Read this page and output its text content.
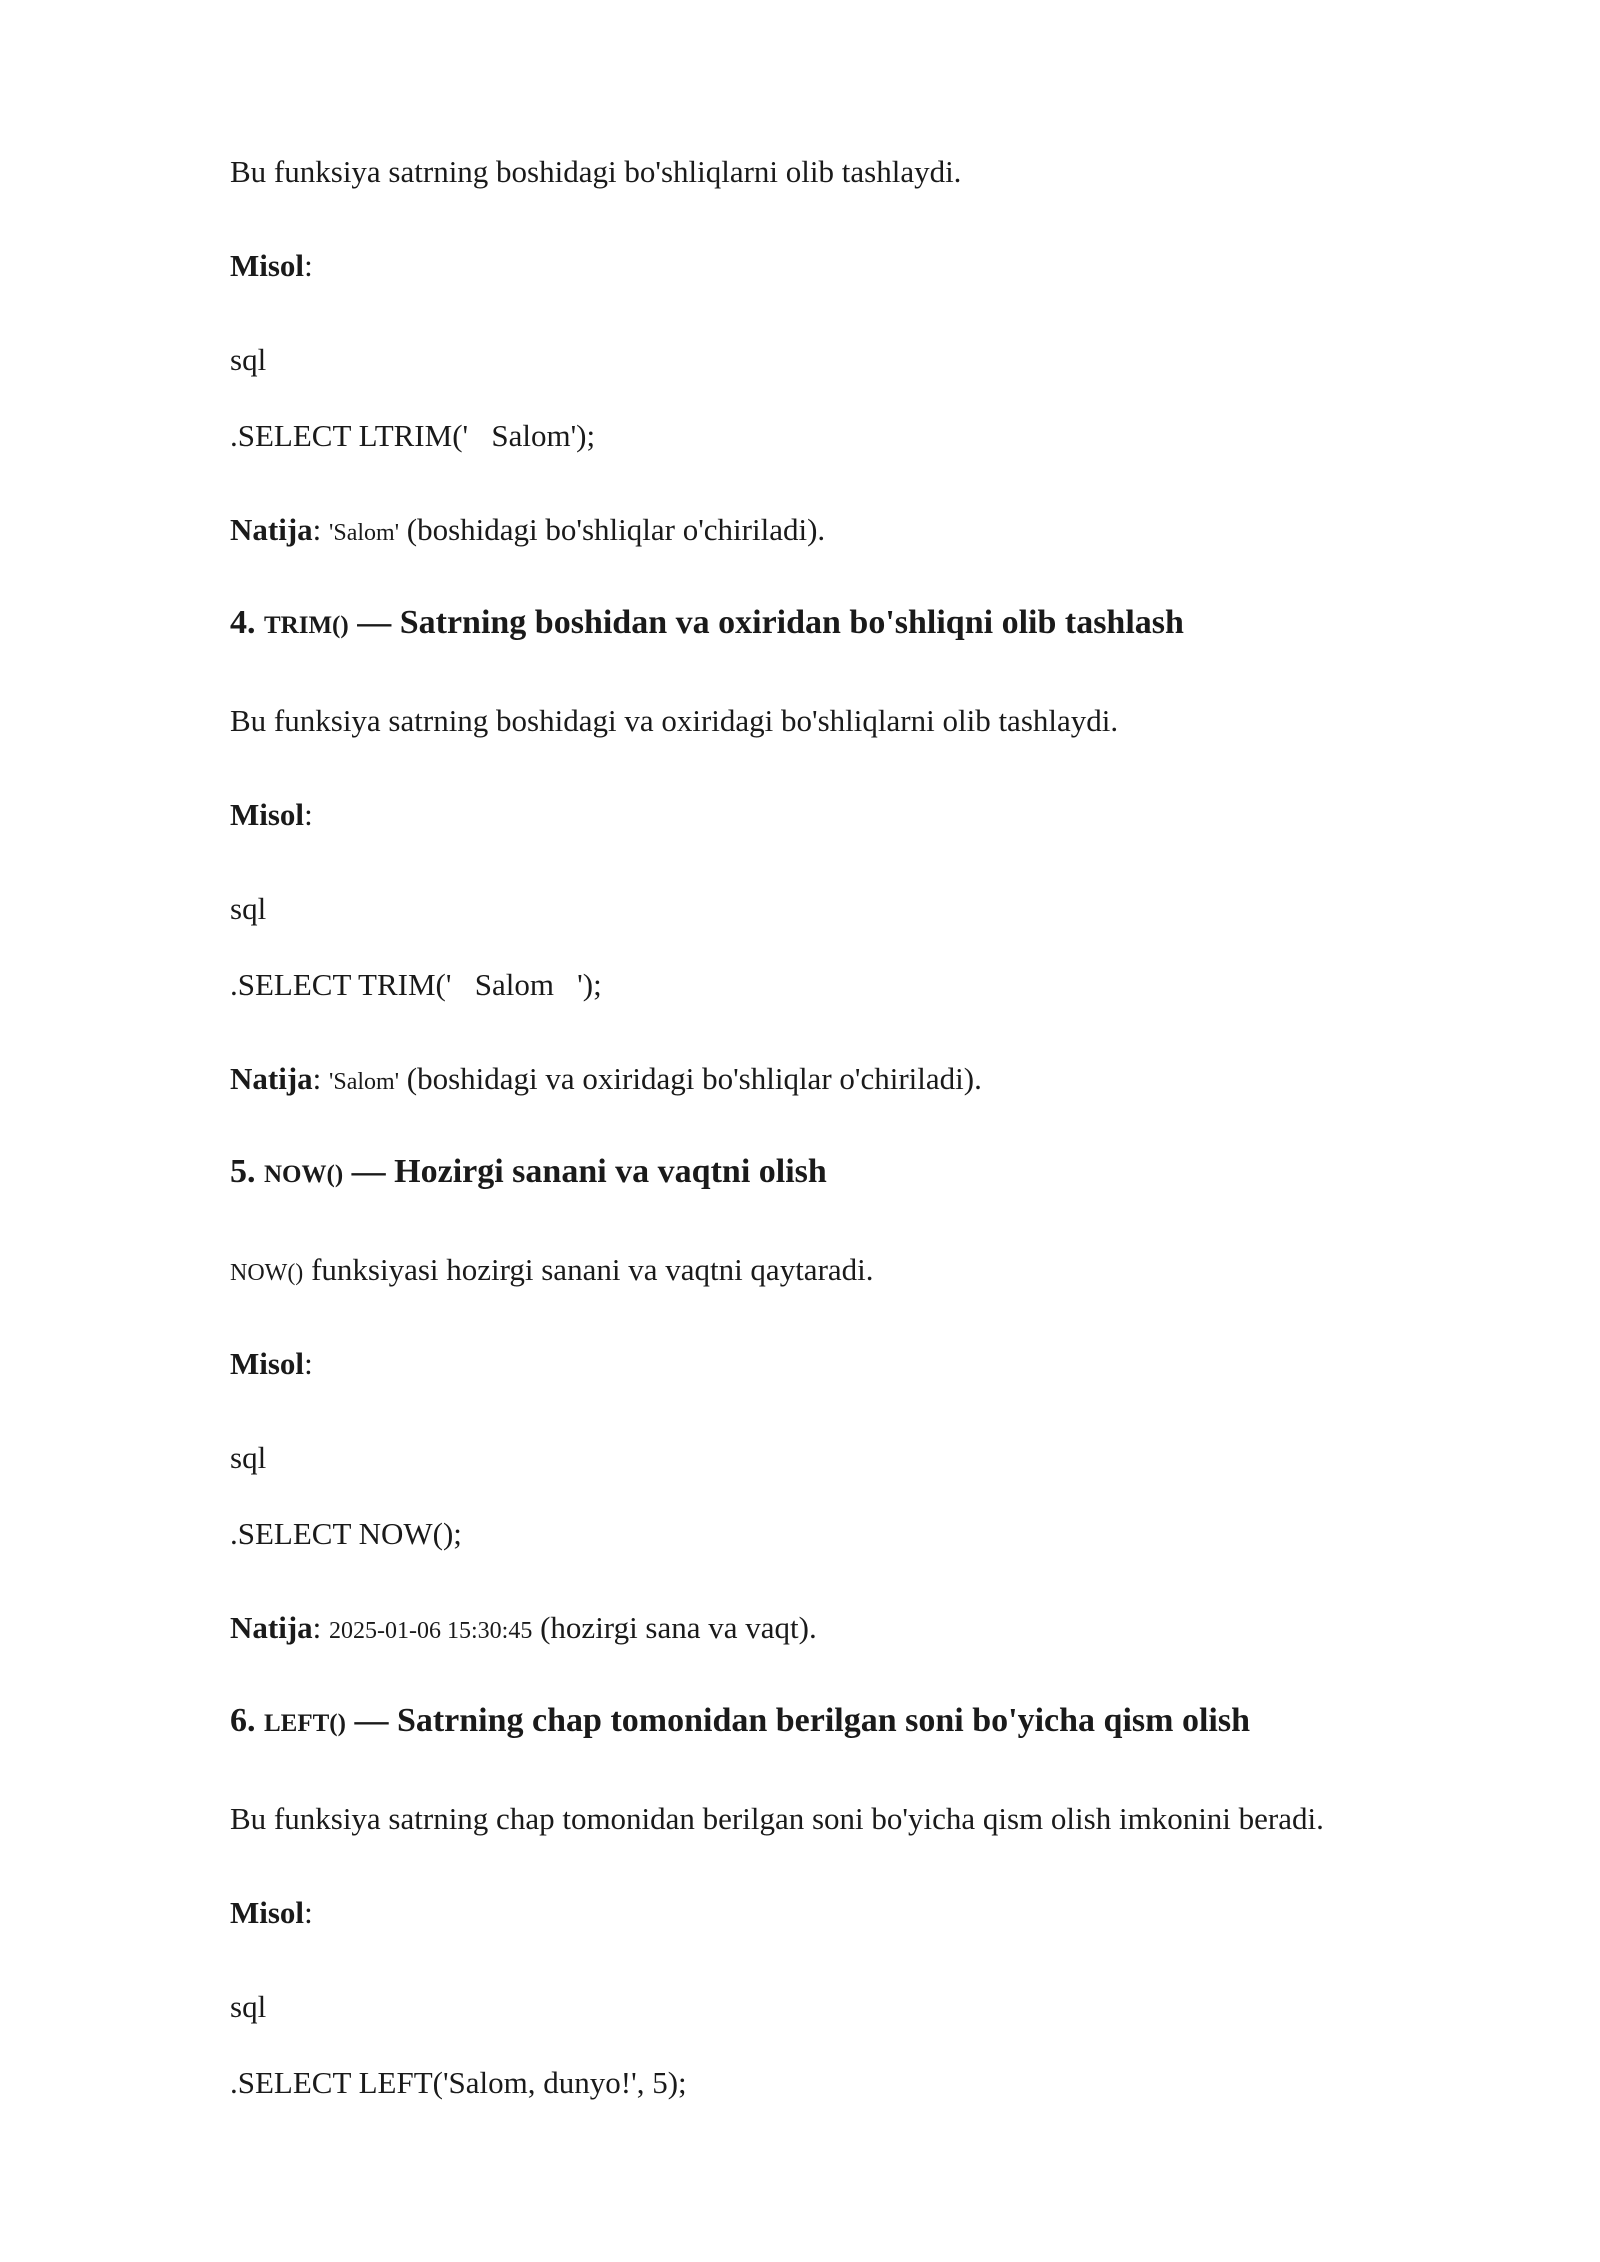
Bu funksiya satrning boshidagi bo'shliqlarni olib tashlaydi.
Misol:
sql
.SELECT LTRIM('   Salom');
Natija: 'Salom' (boshidagi bo'shliqlar o'chiriladi).
4. TRIM() — Satrning boshidan va oxiridan bo'shliqni olib tashlash
Bu funksiya satrning boshidagi va oxiridagi bo'shliqlarni olib tashlaydi.
Misol:
sql
.SELECT TRIM('   Salom   ');
Natija: 'Salom' (boshidagi va oxiridagi bo'shliqlar o'chiriladi).
5. NOW() — Hozirgi sanani va vaqtni olish
NOW() funksiyasi hozirgi sanani va vaqtni qaytaradi.
Misol:
sql
.SELECT NOW();
Natija: 2025-01-06 15:30:45 (hozirgi sana va vaqt).
6. LEFT() — Satrning chap tomonidan berilgan soni bo'yicha qism olish
Bu funksiya satrning chap tomonidan berilgan soni bo'yicha qism olish imkonini beradi.
Misol:
sql
.SELECT LEFT('Salom, dunyo!', 5);
